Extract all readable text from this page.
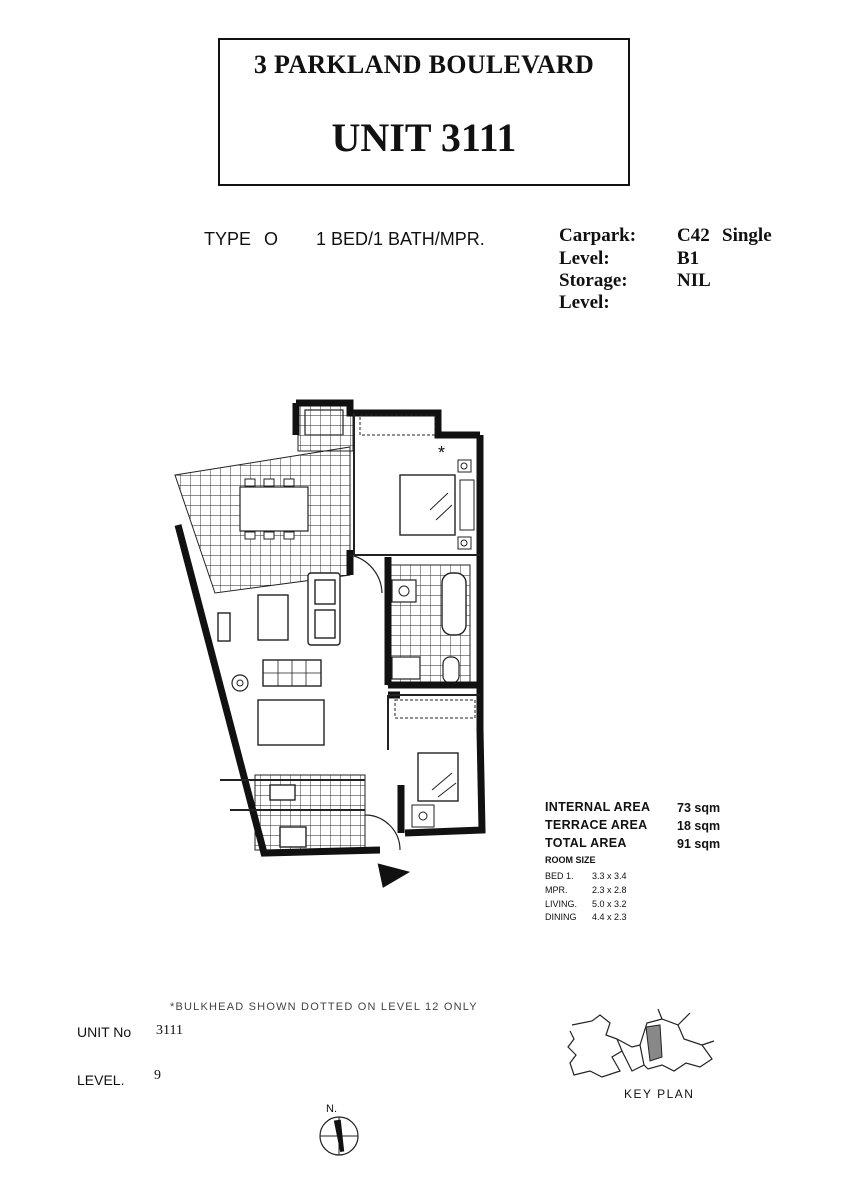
3 PARKLAND BOULEVARD
UNIT 3111
TYPE O 1 BED/1 BATH/MPR.	Carpark: C42 Single
Level:	B1
Storage:	NIL
Level:
*
INTERNAL AREA 73 sqm
TERRACE AREA 18 sqm
TOTAL AREA	91 sqm
ROOM SIZE
BED 1. 3.3 x 3.4
MPR.	2.3 x 2.8
LIVING. 5.0 x 3.2
DINING 4.4 x 2.3
*BULKHEAD SHOWN DOTTED ON LEVEL 12 ONLY
UNIT No 3111
LEVEL. 9
KEY PLAN
N.
